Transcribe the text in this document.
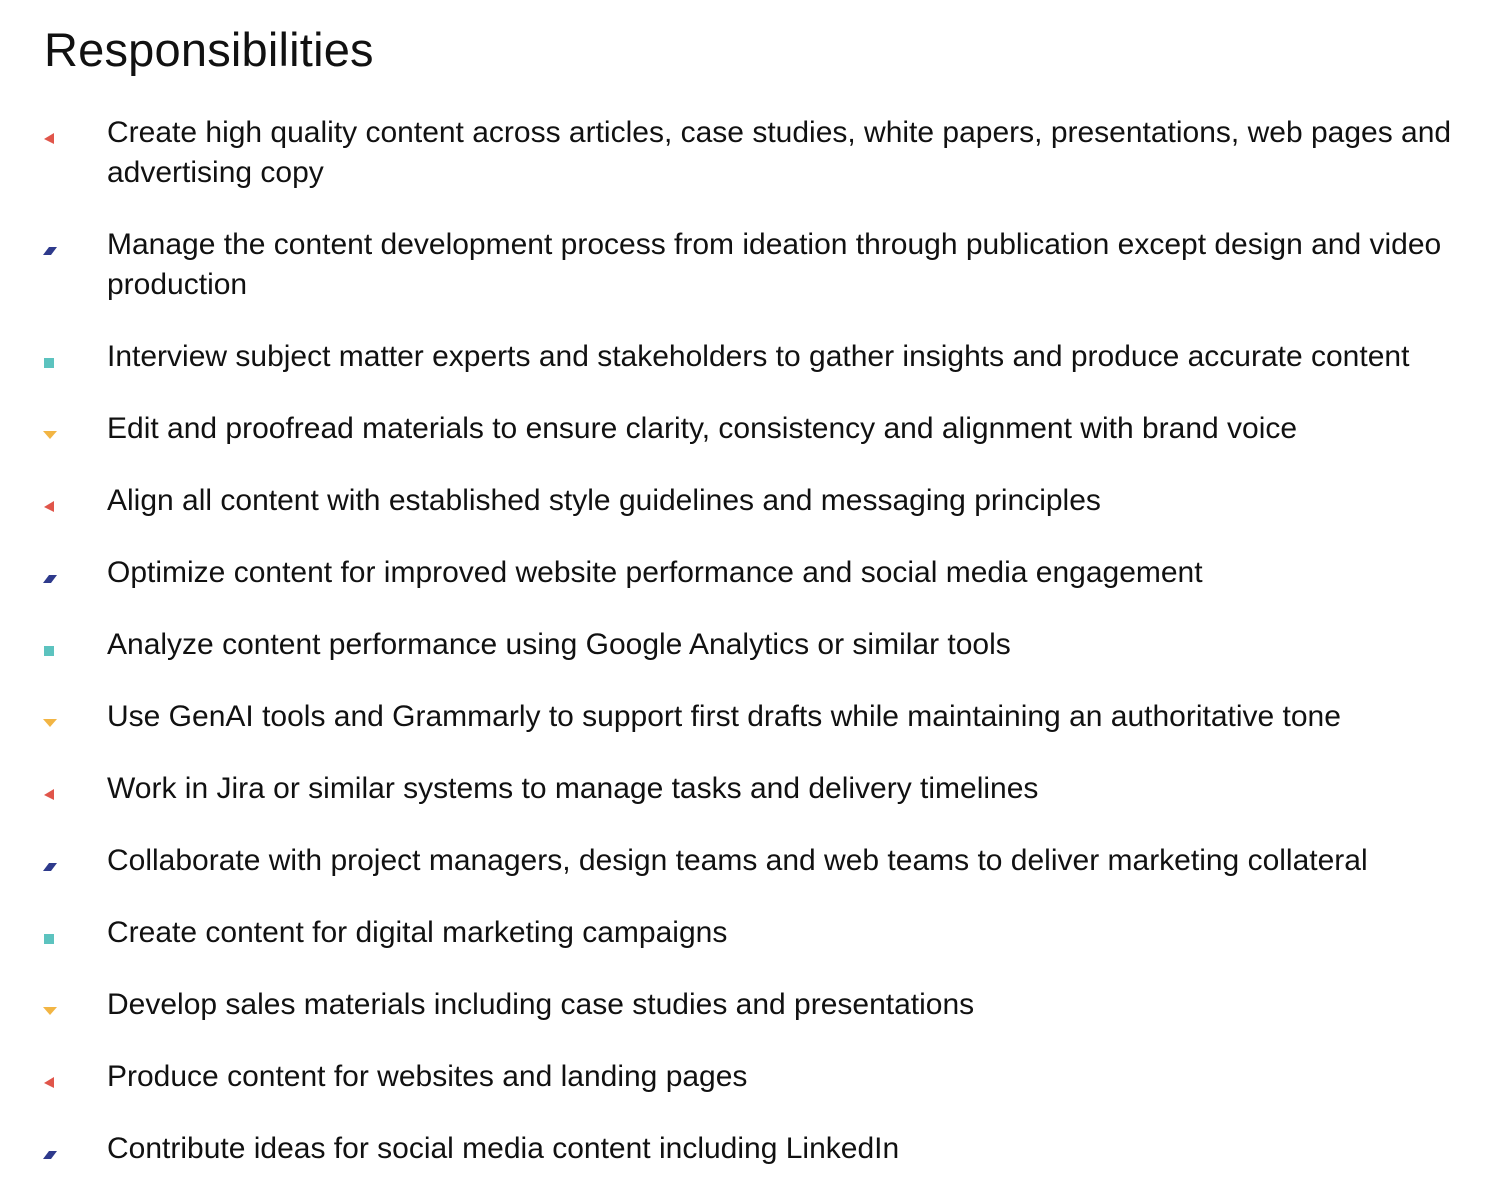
Responsibilities
Create high quality content across articles, case studies, white papers, presentations, web pages and advertising copy
Manage the content development process from ideation through publication except design and video production
Interview subject matter experts and stakeholders to gather insights and produce accurate content
Edit and proofread materials to ensure clarity, consistency and alignment with brand voice
Align all content with established style guidelines and messaging principles
Optimize content for improved website performance and social media engagement
Analyze content performance using Google Analytics or similar tools
Use GenAI tools and Grammarly to support first drafts while maintaining an authoritative tone
Work in Jira or similar systems to manage tasks and delivery timelines
Collaborate with project managers, design teams and web teams to deliver marketing collateral
Create content for digital marketing campaigns
Develop sales materials including case studies and presentations
Produce content for websites and landing pages
Contribute ideas for social media content including LinkedIn
